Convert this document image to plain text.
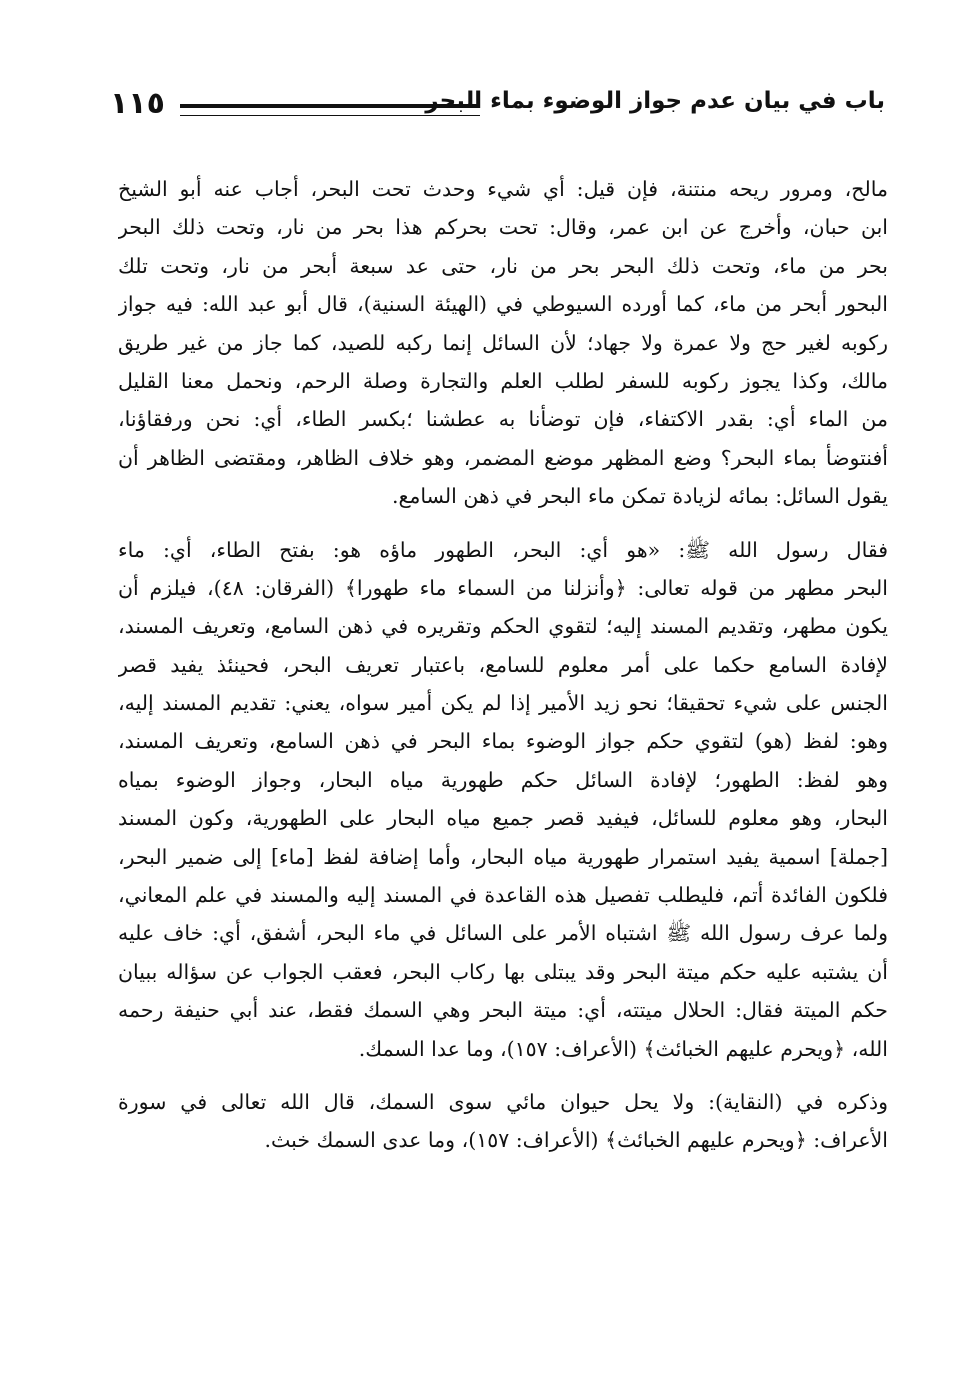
١١٥	باب في بيان عدم جواز الوضوء بماء البحر
مالح، ومرور ريحه منتنة، فإن قيل: أي شيء وحدث تحت البحر، أجاب عنه أبو الشيخ
ابن حبان، وأخرج عن ابن عمر، وقال: تحت بحركم هذا بحر من نار، وتحت ذلك البحر
بحر من ماء، وتحت ذلك البحر بحر من نار، حتى عد سبعة أبحر من نار، وتحت تلك
البحور أبحر من ماء، كما أورده السيوطي في (الهيئة السنية)، قال أبو عبد الله: فيه جواز
ركوبه لغير حج ولا عمرة ولا جهاد؛ لأن السائل إنما ركبه للصيد، كما جاز من غير طريق
مالك، وكذا يجوز ركوبه للسفر لطلب العلم والتجارة وصلة الرحم، ونحمل معنا القليل
من الماء أي: بقدر الاكتفاء، فإن توضأنا به عطشنا ؛بكسر الطاء، أي: نحن ورفقاؤنا،
أفنتوضأ بماء البحر؟ وضع المظهر موضع المضمر، وهو خلاف الظاهر، ومقتضى الظاهر أن
يقول السائل: بمائه لزيادة تمكن ماء البحر في ذهن السامع.
فقال رسول الله ﷺ: «هو أي: البحر، الطهور ماؤه هو: بفتح الطاء، أي: ماء
البحر مطهر من قوله تعالى: ﴿وأنزلنا من السماء ماء طهورا﴾ (الفرقان: ٤٨)، فيلزم أن
يكون مطهر، وتقديم المسند إليه؛ لتقوي الحكم وتقريره في ذهن السامع، وتعريف المسند،
لإفادة السامع حكما على أمر معلوم للسامع، باعتبار تعريف البحر، فحينئذ يفيد قصر
الجنس على شيء تحقيقا؛ نحو زيد الأمير إذا لم يكن أمير سواه، يعني: تقديم المسند إليه،
وهو: لفظ (هو) لتقوي حكم جواز الوضوء بماء البحر في ذهن السامع، وتعريف المسند،
وهو لفظ: الطهور؛ لإفادة السائل حكم طهورية مياه البحار، وجواز الوضوء بمياه
البحار، وهو معلوم للسائل، فيفيد قصر جميع مياه البحار على الطهورية، وكون المسند
[جملة] اسمية يفيد استمرار طهورية مياه البحار، وأما إضافة لفظ [ماء] إلى ضمير البحر،
فلكون الفائدة أتم، فليطلب تفصيل هذه القاعدة في المسند إليه والمسند في علم المعاني،
ولما عرف رسول الله ﷺ اشتباه الأمر على السائل في ماء البحر، أشفق، أي: خاف عليه
أن يشتبه عليه حكم ميتة البحر وقد يبتلى بها ركاب البحر، فعقب الجواب عن سؤاله ببيان
حكم الميتة فقال: الحلال ميتته، أي: ميتة البحر وهي السمك فقط، عند أبي حنيفة رحمه
الله، ﴿ويحرم عليهم الخبائث﴾ (الأعراف: ١٥٧)، وما عدا السمك.
وذكره في (النقاية): ولا يحل حيوان مائي سوى السمك، قال الله تعالى في سورة
الأعراف: ﴿ويحرم عليهم الخبائث﴾ (الأعراف: ١٥٧)، وما عدى السمك خبث.
